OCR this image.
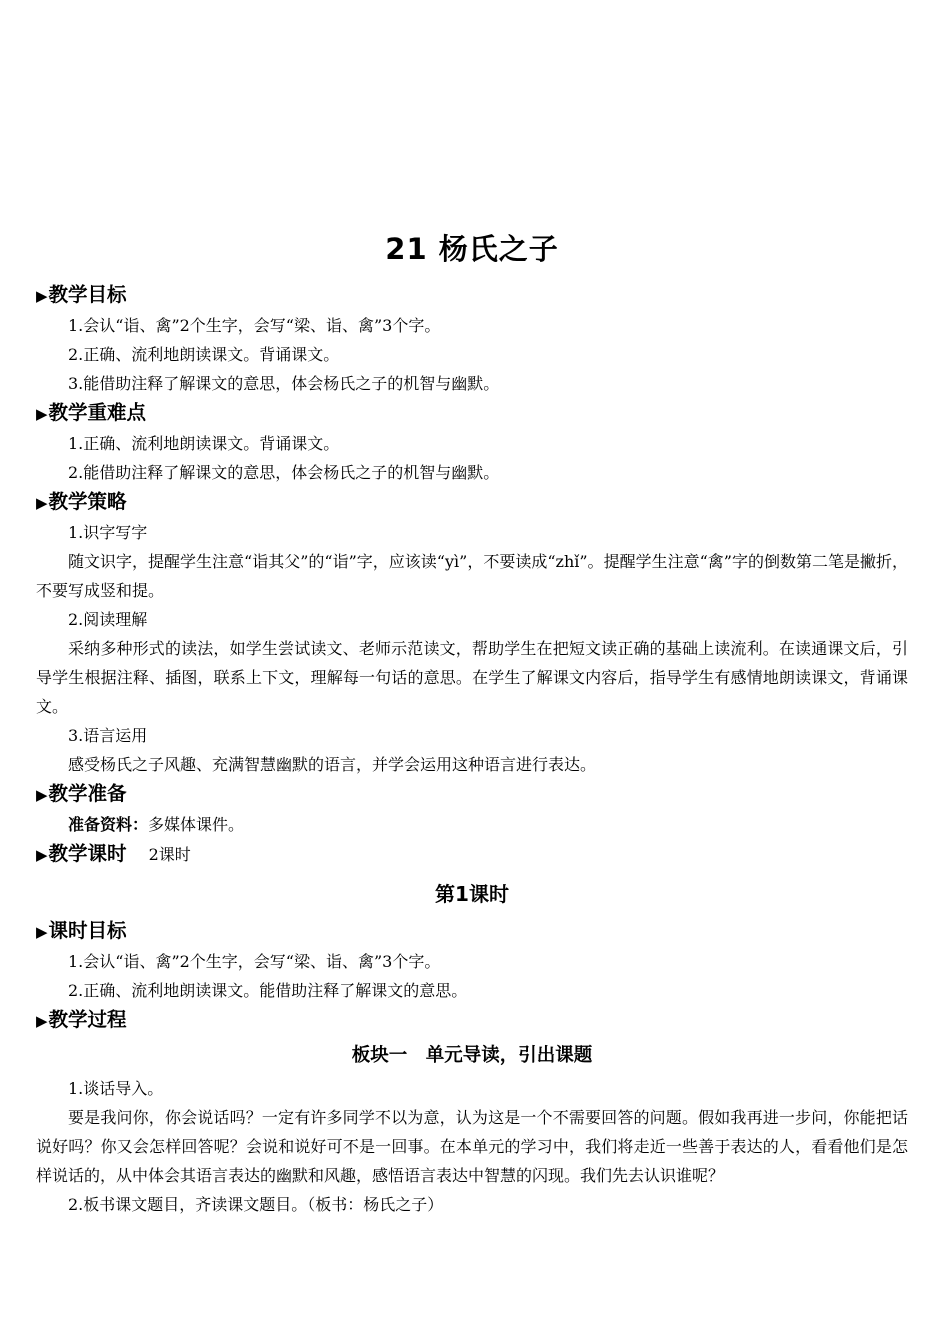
21 杨氏之子
▶教学目标

1.会认“诣、禽”2个生字，会写“梁、诣、禽”3个字。

2.正确、流利地朗读课文。背诵课文。

3.能借助注释了解课文的意思，体会杨氏之子的机智与幽默。

▶教学重难点

1.正确、流利地朗读课文。背诵课文。

2.能借助注释了解课文的意思，体会杨氏之子的机智与幽默。

▶教学策略

1.识字写字

随文识字，提醒学生注意“诣其父”的“诣”字，应该读“yì”，不要读成“zhǐ”。提醒学生注意“禽”字的倒数第二笔是撇折，不要写成竖和提。

2.阅读理解

采纳多种形式的读法，如学生尝试读文、老师示范读文，帮助学生在把短文读正确的基础上读流利。在读通课文后，引导学生根据注释、插图，联系上下文，理解每一句话的意思。在学生了解课文内容后，指导学生有感情地朗读课文，背诵课文。

3.语言运用

感受杨氏之子风趣、充满智慧幽默的语言，并学会运用这种语言进行表达。

▶教学准备

准备资料：多媒体课件。

▶教学课时 2课时
第1课时
▶课时目标

1.会认“诣、禽”2个生字，会写“梁、诣、禽”3个字。

2.正确、流利地朗读课文。能借助注释了解课文的意思。

▶教学过程
板块一　单元导读，引出课题

1.谈话导入。

要是我问你，你会说话吗？一定有许多同学不以为意，认为这是一个不需要回答的问题。假如我再进一步问，你能把话说好吗？你又会怎样回答呢？会说和说好可不是一回事。在本单元的学习中，我们将走近一些善于表达的人，看看他们是怎样说话的，从中体会其语言表达的幽默和风趣，感悟语言表达中智慧的闪现。我们先去认识谁呢？

2.板书课文题目，齐读课文题目。（板书：杨氏之子）
